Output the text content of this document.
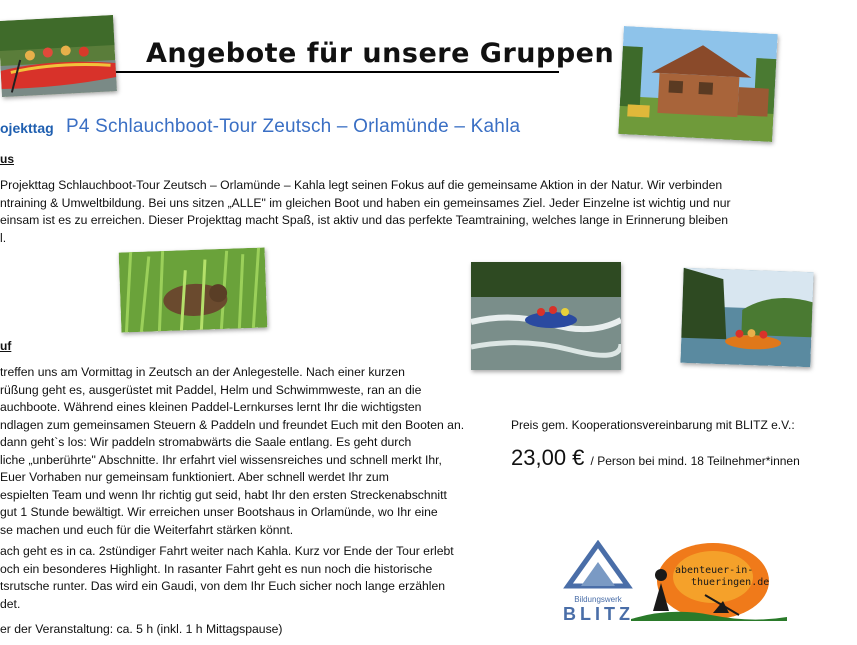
Angebote für unsere Gruppen
ojekttag P4 Schlauchboot-Tour Zeutsch – Orlamünde – Kahla
us
Projekttag Schlauchboot-Tour Zeutsch – Orlamünde – Kahla legt seinen Fokus auf die gemeinsame Aktion in der Natur. Wir verbinden
ntraining & Umweltbildung. Bei uns sitzen „ALLE" im gleichen Boot und haben ein gemeinsames Ziel. Jeder Einzelne ist wichtig und nur
einsam ist es zu erreichen. Dieser Projekttag macht Spaß, ist aktiv und das perfekte Teamtraining, welches lange in Erinnerung bleiben
l.
uf
treffen uns am Vormittag in Zeutsch an der Anlegestelle. Nach einer kurzen
rüßung geht es, ausgerüstet mit Paddel, Helm und Schwimmweste, ran an die
auchboote. Während eines kleinen Paddel-Lernkurses lernt Ihr die wichtigsten
ndlagen zum gemeinsamen Steuern & Paddeln und freundet Euch mit den Booten an.
dann geht`s los: Wir paddeln stromabwärts die Saale entlang. Es geht durch
liche „unberührte" Abschnitte. Ihr erfahrt viel wissensreiches und schnell merkt Ihr,
Euer Vorhaben nur gemeinsam funktioniert. Aber schnell werdet Ihr zum
espielten Team und wenn Ihr richtig gut seid, habt Ihr den ersten Streckenabschnitt
gut 1 Stunde bewältigt. Wir erreichen unser Bootshaus in Orlamünde, wo Ihr eine
se machen und euch für die Weiterfahrt stärken könnt.
ach geht es in ca. 2stündiger Fahrt weiter nach Kahla. Kurz vor Ende der Tour erlebt
och ein besonderes Highlight. In rasanter Fahrt geht es nun noch die historische
tsrutsche runter. Das wird ein Gaudi, von dem Ihr Euch sicher noch lange erzählen
det.
er der Veranstaltung: ca. 5 h (inkl. 1 h Mittagspause)
Preis gem. Kooperationsvereinbarung mit BLITZ e.V.:
23,00 € / Person bei mind. 18 Teilnehmer*innen
Bildungswerk
BLITZ
abenteuer-in-
thueringen.de
